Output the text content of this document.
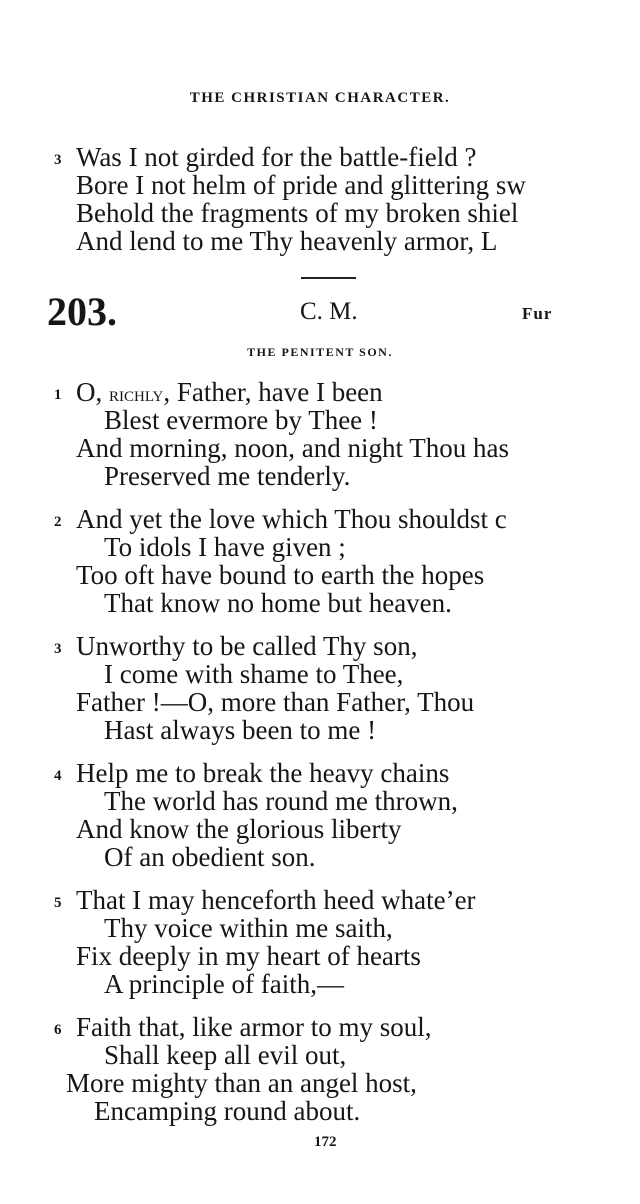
THE CHRISTIAN CHARACTER.
3 Was I not girded for the battle-field ?
Bore I not helm of pride and glittering sw
Behold the fragments of my broken shiel
And lend to me Thy heavenly armor, L
203.	C. M.	Fur
THE PENITENT SON.
1 O, richly, Father, have I been
Blest evermore by Thee !
And morning, noon, and night Thou has
Preserved me tenderly.
2 And yet the love which Thou shouldst c
To idols I have given ;
Too oft have bound to earth the hopes
That know no home but heaven.
3 Unworthy to be called Thy son,
I come with shame to Thee,
Father !—O, more than Father, Thou
Hast always been to me !
4 Help me to break the heavy chains
The world has round me thrown,
And know the glorious liberty
Of an obedient son.
5 That I may henceforth heed whate’er
Thy voice within me saith,
Fix deeply in my heart of hearts
A principle of faith,—
6 Faith that, like armor to my soul,
Shall keep all evil out,
More mighty than an angel host,
Encamping round about.
172
